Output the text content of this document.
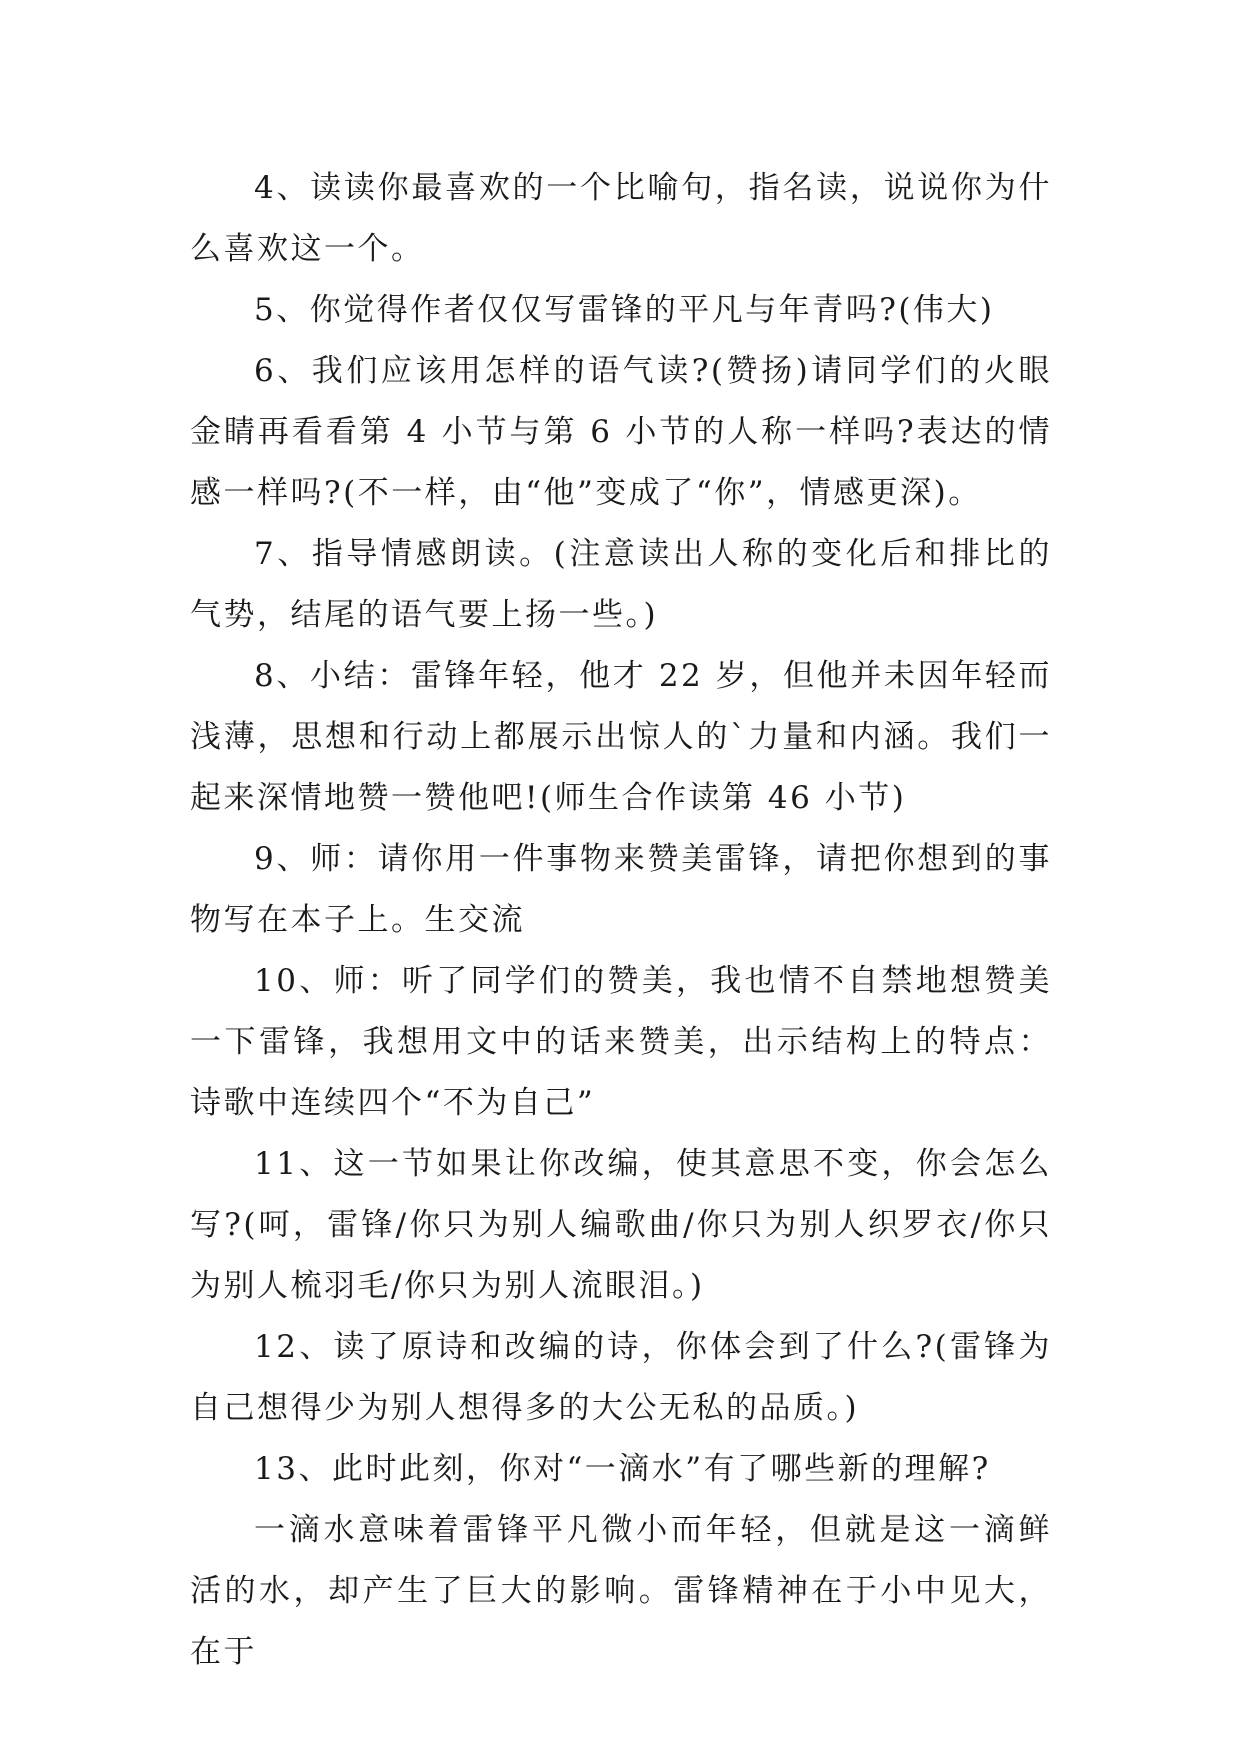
4、读读你最喜欢的一个比喻句，指名读，说说你为什么喜欢这一个。

5、你觉得作者仅仅写雷锋的平凡与年青吗?(伟大)

6、我们应该用怎样的语气读?(赞扬)请同学们的火眼金睛再看看第 4 小节与第 6 小节的人称一样吗?表达的情感一样吗?(不一样，由“他”变成了“你”，情感更深)。

7、指导情感朗读。(注意读出人称的变化后和排比的气势，结尾的语气要上扬一些。)

8、小结：雷锋年轻，他才 22 岁，但他并未因年轻而浅薄，思想和行动上都展示出惊人的`力量和内涵。我们一起来深情地赞一赞他吧!(师生合作读第 46 小节)

9、师：请你用一件事物来赞美雷锋，请把你想到的事物写在本子上。生交流

10、师：听了同学们的赞美，我也情不自禁地想赞美一下雷锋，我想用文中的话来赞美，出示结构上的特点：诗歌中连续四个“不为自己”

11、这一节如果让你改编，使其意思不变，你会怎么写?(呵，雷锋/你只为别人编歌曲/你只为别人织罗衣/你只为别人梳羽毛/你只为别人流眼泪。)

12、读了原诗和改编的诗，你体会到了什么?(雷锋为自己想得少为别人想得多的大公无私的品质。)

13、此时此刻，你对“一滴水”有了哪些新的理解?

一滴水意味着雷锋平凡微小而年轻，但就是这一滴鲜活的水，却产生了巨大的影响。雷锋精神在于小中见大，在于
